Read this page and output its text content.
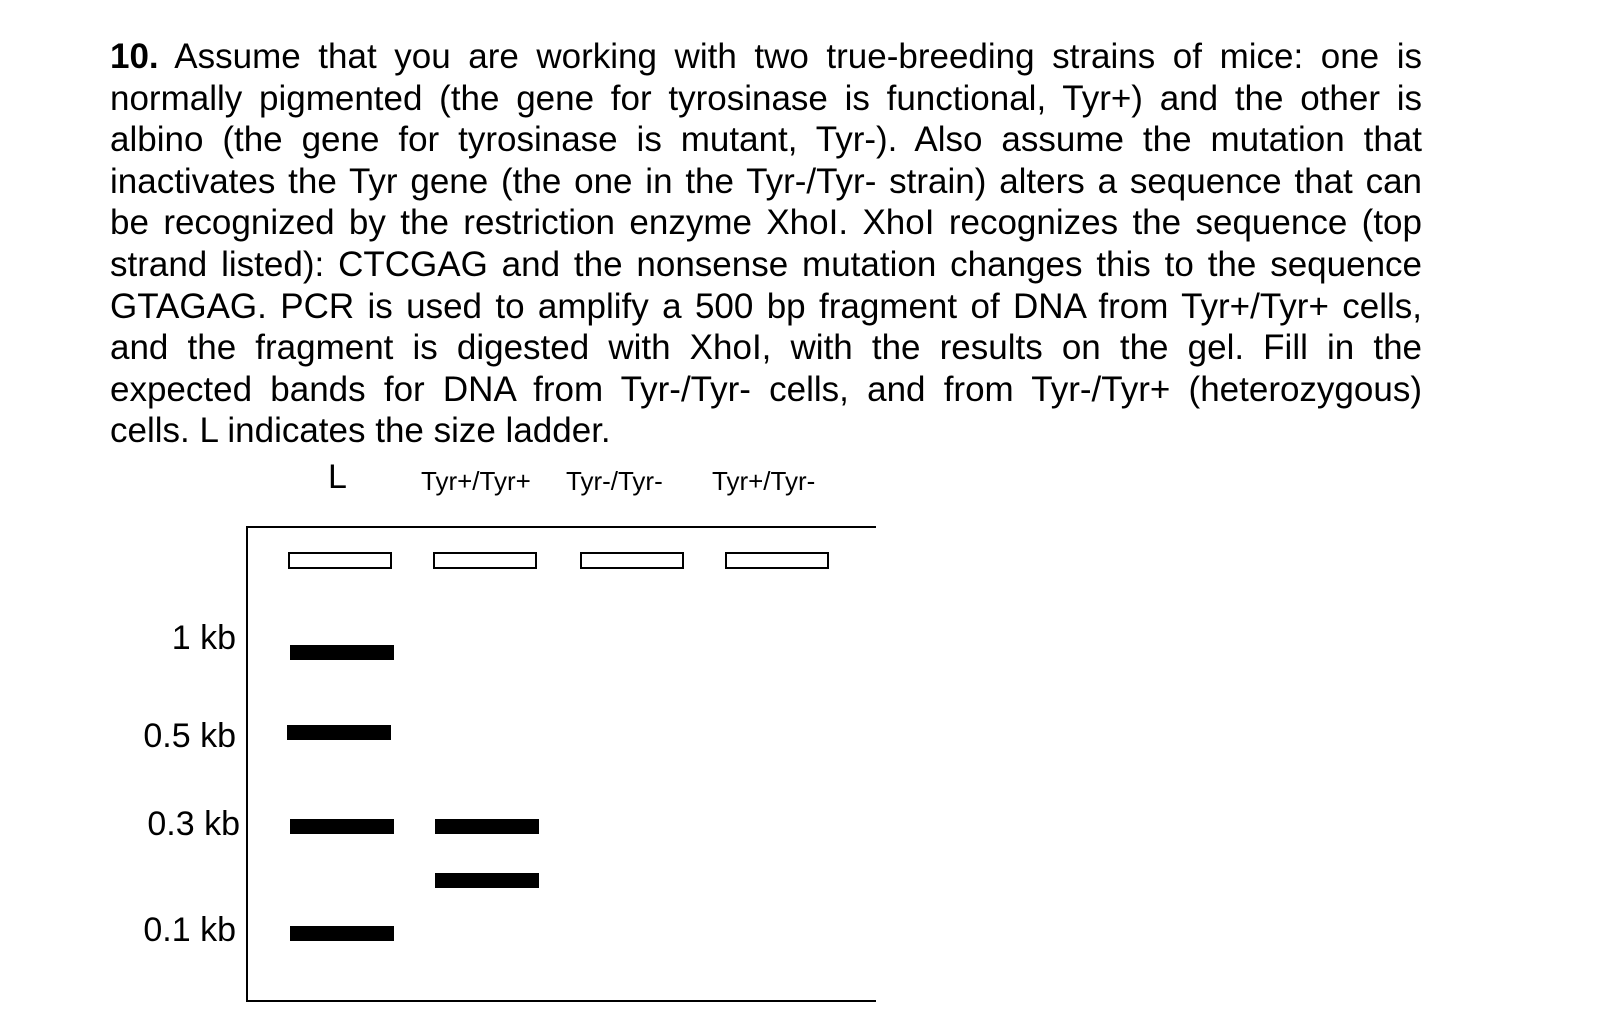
10. Assume that you are working with two true-breeding strains of mice: one is normally pigmented (the gene for tyrosinase is functional, Tyr+) and the other is albino (the gene for tyrosinase is mutant, Tyr-). Also assume the mutation that inactivates the Tyr gene (the one in the Tyr-/Tyr- strain) alters a sequence that can be recognized by the restriction enzyme XhoI. XhoI recognizes the sequence (top strand listed): CTCGAG and the nonsense mutation changes this to the sequence GTAGAG. PCR is used to amplify a 500 bp fragment of DNA from Tyr+/Tyr+ cells, and the fragment is digested with XhoI, with the results on the gel. Fill in the expected bands for DNA from Tyr-/Tyr- cells, and from Tyr-/Tyr+ (heterozygous) cells. L indicates the size ladder.
L	Tyr+/Tyr+ Tyr-/Tyr- Tyr+/Tyr-
1 kb
0.5 kb
0.3 kb
0.1 kb
